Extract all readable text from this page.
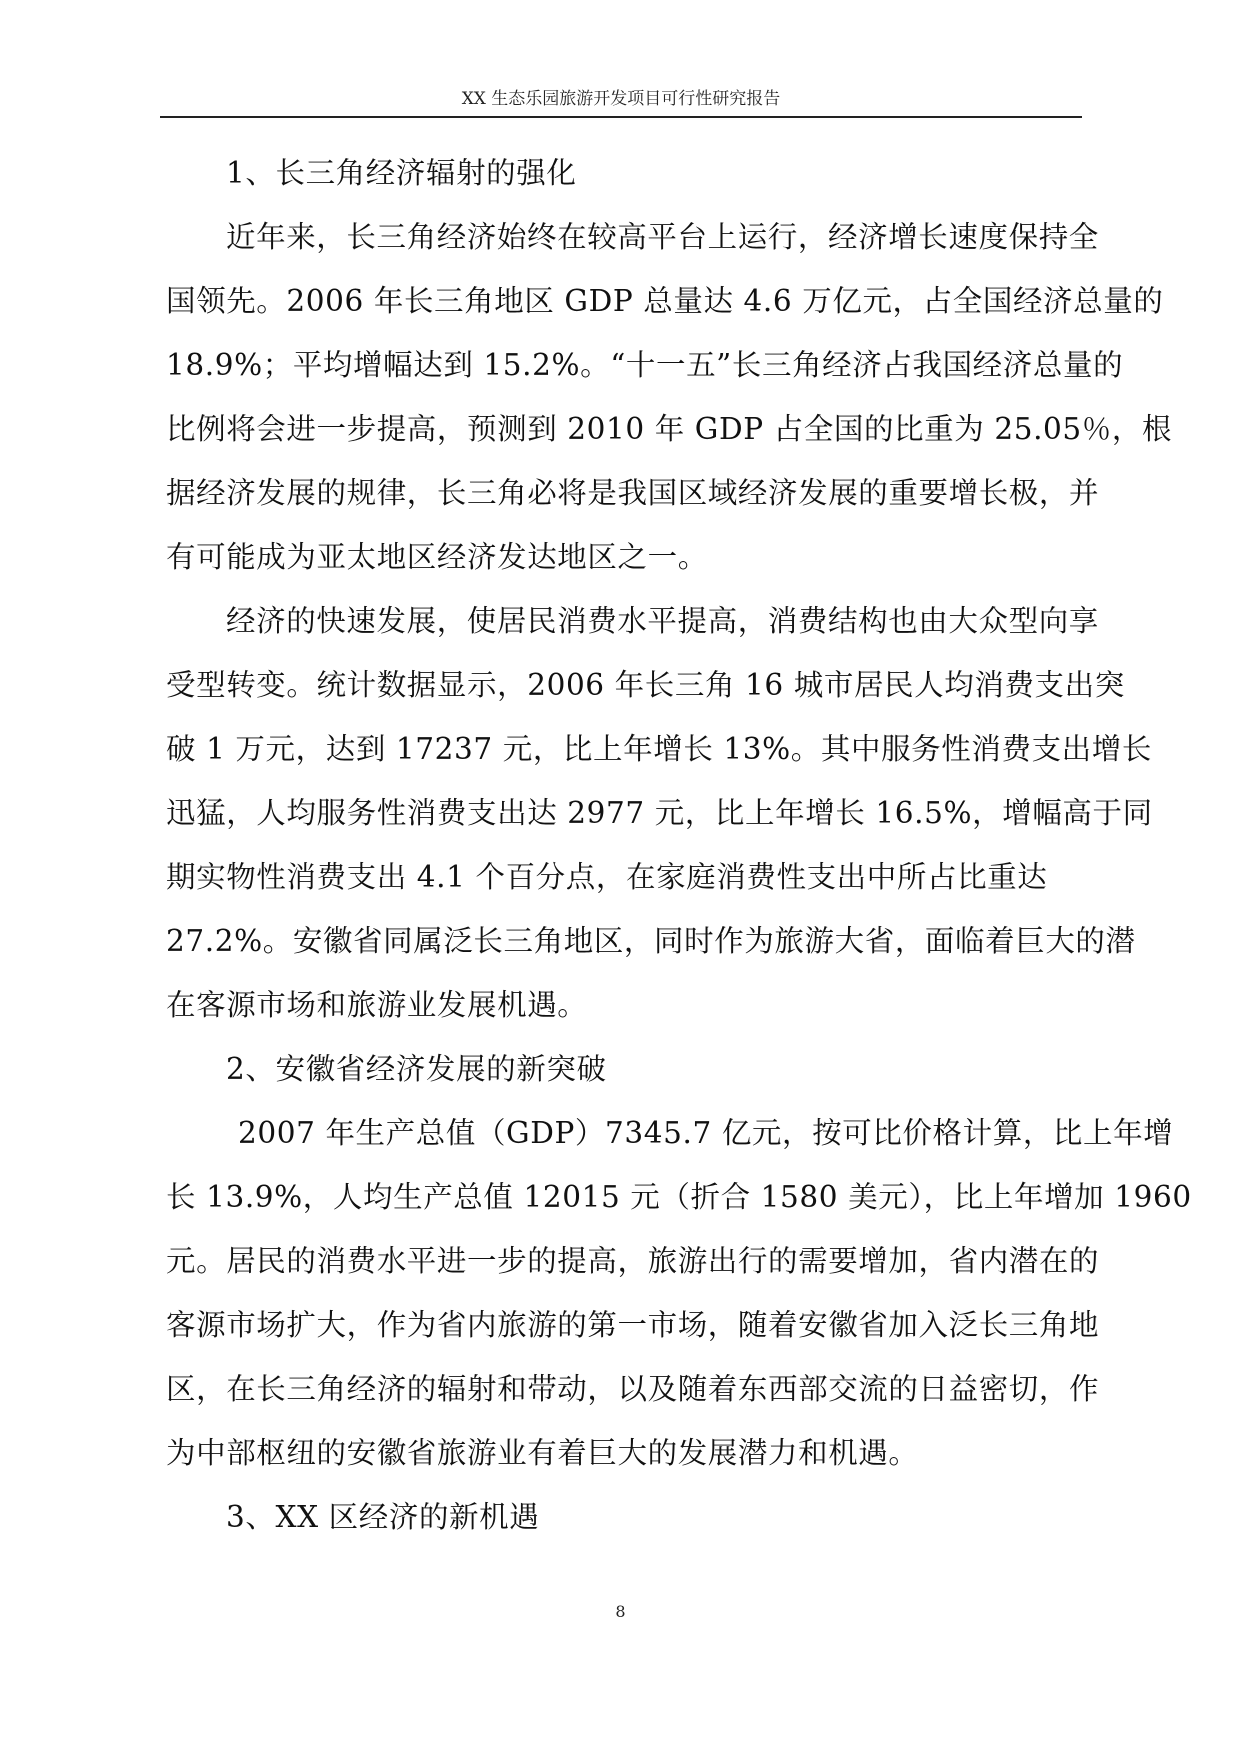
XX 生态乐园旅游开发项目可行性研究报告
1、长三角经济辐射的强化
近年来，长三角经济始终在较高平台上运行，经济增长速度保持全
国领先。2006 年长三角地区 GDP 总量达 4.6 万亿元，占全国经济总量的
18.9%；平均增幅达到 15.2%。“十一五”长三角经济占我国经济总量的
比例将会进一步提高，预测到 2010 年 GDP 占全国的比重为 25.05％，根
据经济发展的规律，长三角必将是我国区域经济发展的重要增长极，并
有可能成为亚太地区经济发达地区之一。
经济的快速发展，使居民消费水平提高，消费结构也由大众型向享
受型转变。统计数据显示，2006 年长三角 16 城市居民人均消费支出突
破 1 万元，达到 17237 元，比上年增长 13%。其中服务性消费支出增长
迅猛，人均服务性消费支出达 2977 元，比上年增长 16.5%，增幅高于同
期实物性消费支出 4.1 个百分点，在家庭消费性支出中所占比重达
27.2%。安徽省同属泛长三角地区，同时作为旅游大省，面临着巨大的潜
在客源市场和旅游业发展机遇。
2、安徽省经济发展的新突破
2007 年生产总值（GDP）7345.7 亿元，按可比价格计算，比上年增
长 13.9%，人均生产总值 12015 元（折合 1580 美元），比上年增加 1960
元。居民的消费水平进一步的提高，旅游出行的需要增加，省内潜在的
客源市场扩大，作为省内旅游的第一市场，随着安徽省加入泛长三角地
区，在长三角经济的辐射和带动，以及随着东西部交流的日益密切，作
为中部枢纽的安徽省旅游业有着巨大的发展潜力和机遇。
3、XX 区经济的新机遇
8
